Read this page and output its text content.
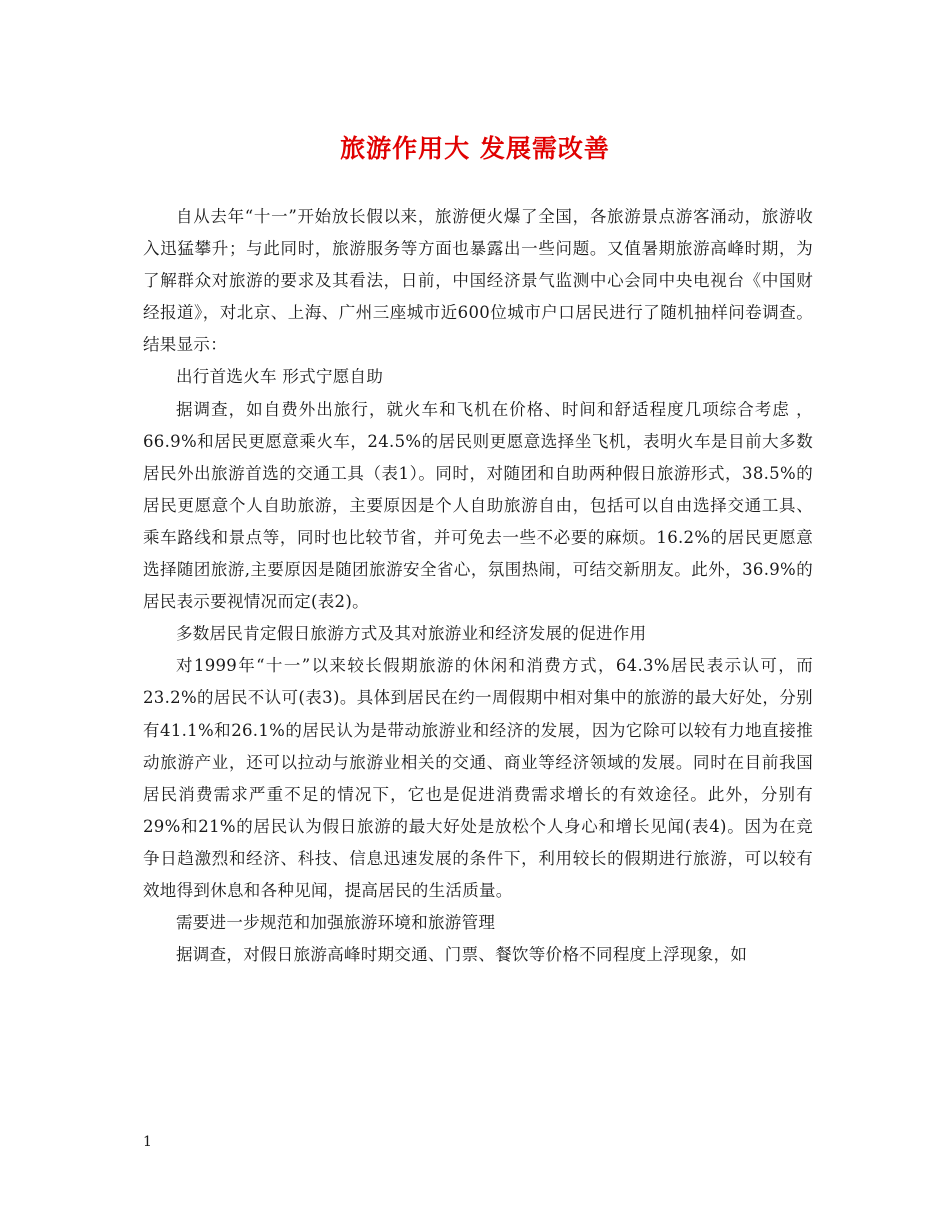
旅游作用大 发展需改善

自从去年“十一”开始放长假以来，旅游便火爆了全国，各旅游景点游客涌动，旅游收入迅猛攀升；与此同时，旅游服务等方面也暴露出一些问题。又值暑期旅游高峰时期，为了解群众对旅游的要求及其看法，日前，中国经济景气监测中心会同中央电视台《中国财经报道》，对北京、上海、广州三座城市近600位城市户口居民进行了随机抽样问卷调查。结果显示：

出行首选火车 形式宁愿自助

据调查，如自费外出旅行，就火车和飞机在价格、时间和舒适程度几项综合考虑 ，66.9%和居民更愿意乘火车，24.5%的居民则更愿意选择坐飞机，表明火车是目前大多数居民外出旅游首选的交通工具（表1）。同时，对随团和自助两种假日旅游形式，38.5%的居民更愿意个人自助旅游，主要原因是个人自助旅游自由，包括可以自由选择交通工具、乘车路线和景点等，同时也比较节省，并可免去一些不必要的麻烦。16.2%的居民更愿意选择随团旅游,主要原因是随团旅游安全省心，氛围热闹，可结交新朋友。此外，36.9%的居民表示要视情况而定(表2)。

多数居民肯定假日旅游方式及其对旅游业和经济发展的促进作用

对1999年“十一”以来较长假期旅游的休闲和消费方式，64.3%居民表示认可，而23.2%的居民不认可(表3)。具体到居民在约一周假期中相对集中的旅游的最大好处，分别有41.1%和26.1%的居民认为是带动旅游业和经济的发展，因为它除可以较有力地直接推动旅游产业，还可以拉动与旅游业相关的交通、商业等经济领域的发展。同时在目前我国居民消费需求严重不足的情况下，它也是促进消费需求增长的有效途径。此外，分别有29%和21%的居民认为假日旅游的最大好处是放松个人身心和增长见闻(表4)。因为在竞争日趋激烈和经济、科技、信息迅速发展的条件下，利用较长的假期进行旅游，可以较有效地得到休息和各种见闻，提高居民的生活质量。

需要进一步规范和加强旅游环境和旅游管理

据调查，对假日旅游高峰时期交通、门票、餐饮等价格不同程度上浮现象，如

1
